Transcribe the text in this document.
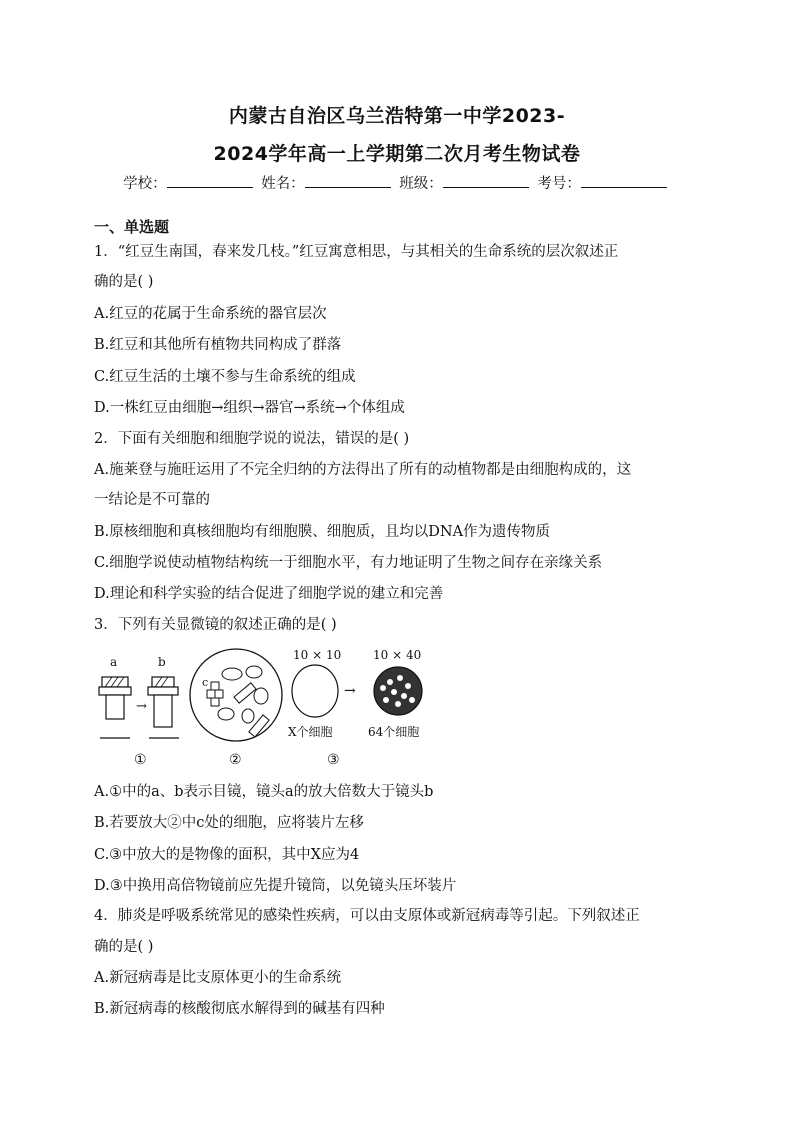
内蒙古自治区乌兰浩特第一中学2023-
2024学年高一上学期第二次月考生物试卷
学校：	姓名：	班级：	考号：
一、单选题
1．“红豆生南国，春来发几枝。”红豆寓意相思，与其相关的生命系统的层次叙述正
确的是( )
A.红豆的花属于生命系统的器官层次
B.红豆和其他所有植物共同构成了群落
C.红豆生活的土壤不参与生命系统的组成
D.一株红豆由细胞→组织→器官→系统→个体组成
2．下面有关细胞和细胞学说的说法，错误的是( )
A.施莱登与施旺运用了不完全归纳的方法得出了所有的动植物都是由细胞构成的，这
一结论是不可靠的
B.原核细胞和真核细胞均有细胞膜、细胞质，且均以DNA作为遗传物质
C.细胞学说使动植物结构统一于细胞水平，有力地证明了生物之间存在亲缘关系
D.理论和科学实验的结合促进了细胞学说的建立和完善
3．下列有关显微镜的叙述正确的是( )
a	b
→
①
c
②
10 × 10	10 × 40
→
X个细胞	64个细胞
③
A.①中的a、b表示目镜，镜头a的放大倍数大于镜头b
B.若要放大②中c处的细胞，应将装片左移
C.③中放大的是物像的面积，其中X应为4
D.③中换用高倍物镜前应先提升镜筒，以免镜头压坏装片
4．肺炎是呼吸系统常见的感染性疾病，可以由支原体或新冠病毒等引起。下列叙述正
确的是( )
A.新冠病毒是比支原体更小的生命系统
B.新冠病毒的核酸彻底水解得到的碱基有四种
